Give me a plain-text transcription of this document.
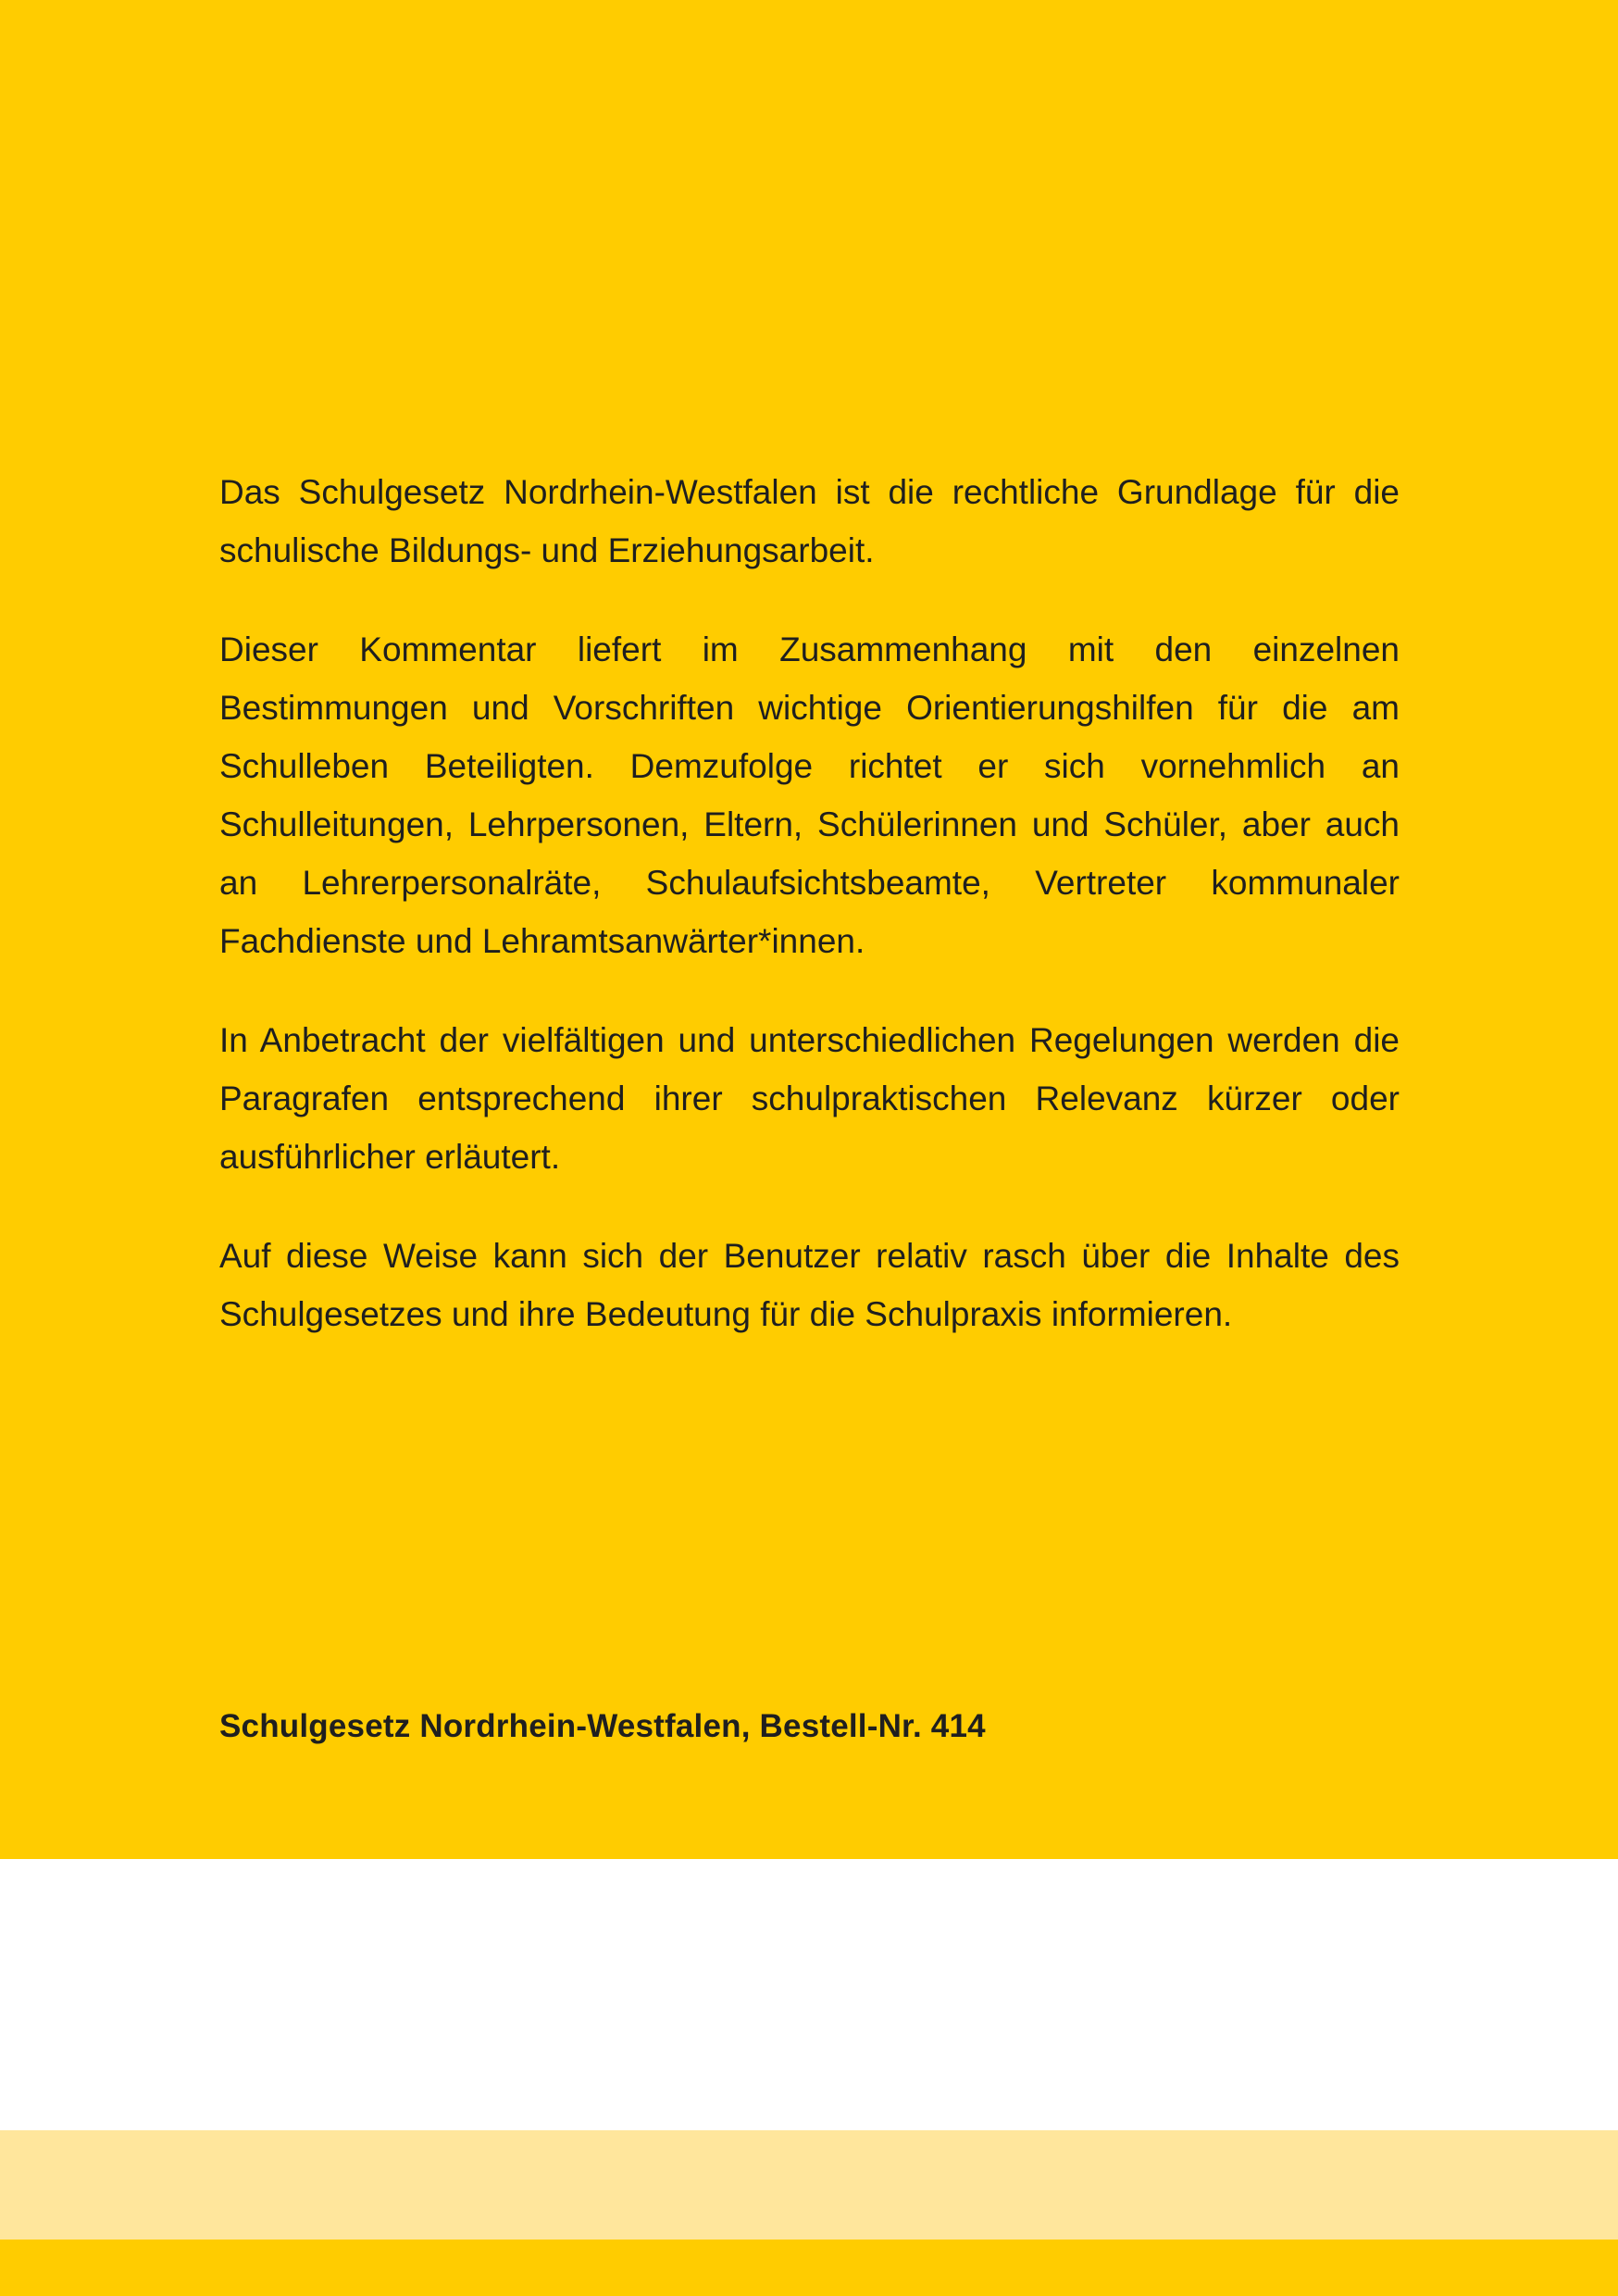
Das Schulgesetz Nordrhein-Westfalen ist die rechtliche Grundlage für die schulische Bildungs- und Erziehungsarbeit.

Dieser Kommentar liefert im Zusammenhang mit den einzelnen Bestimmungen und Vorschriften wichtige Orientierungshilfen für die am Schulleben Beteiligten. Demzufolge richtet er sich vornehmlich an Schulleitungen, Lehrpersonen, Eltern, Schülerinnen und Schüler, aber auch an Lehrerpersonalräte, Schulaufsichtsbeamte, Vertreter kommunaler Fachdienste und Lehramtsanwärter*innen.

In Anbetracht der vielfältigen und unterschiedlichen Regelungen werden die Paragrafen entsprechend ihrer schulpraktischen Relevanz kürzer oder ausführlicher erläutert.

Auf diese Weise kann sich der Benutzer relativ rasch über die Inhalte des Schulgesetzes und ihre Bedeutung für die Schulpraxis informieren.

Schulgesetz Nordrhein-Westfalen, Bestell-Nr. 414
